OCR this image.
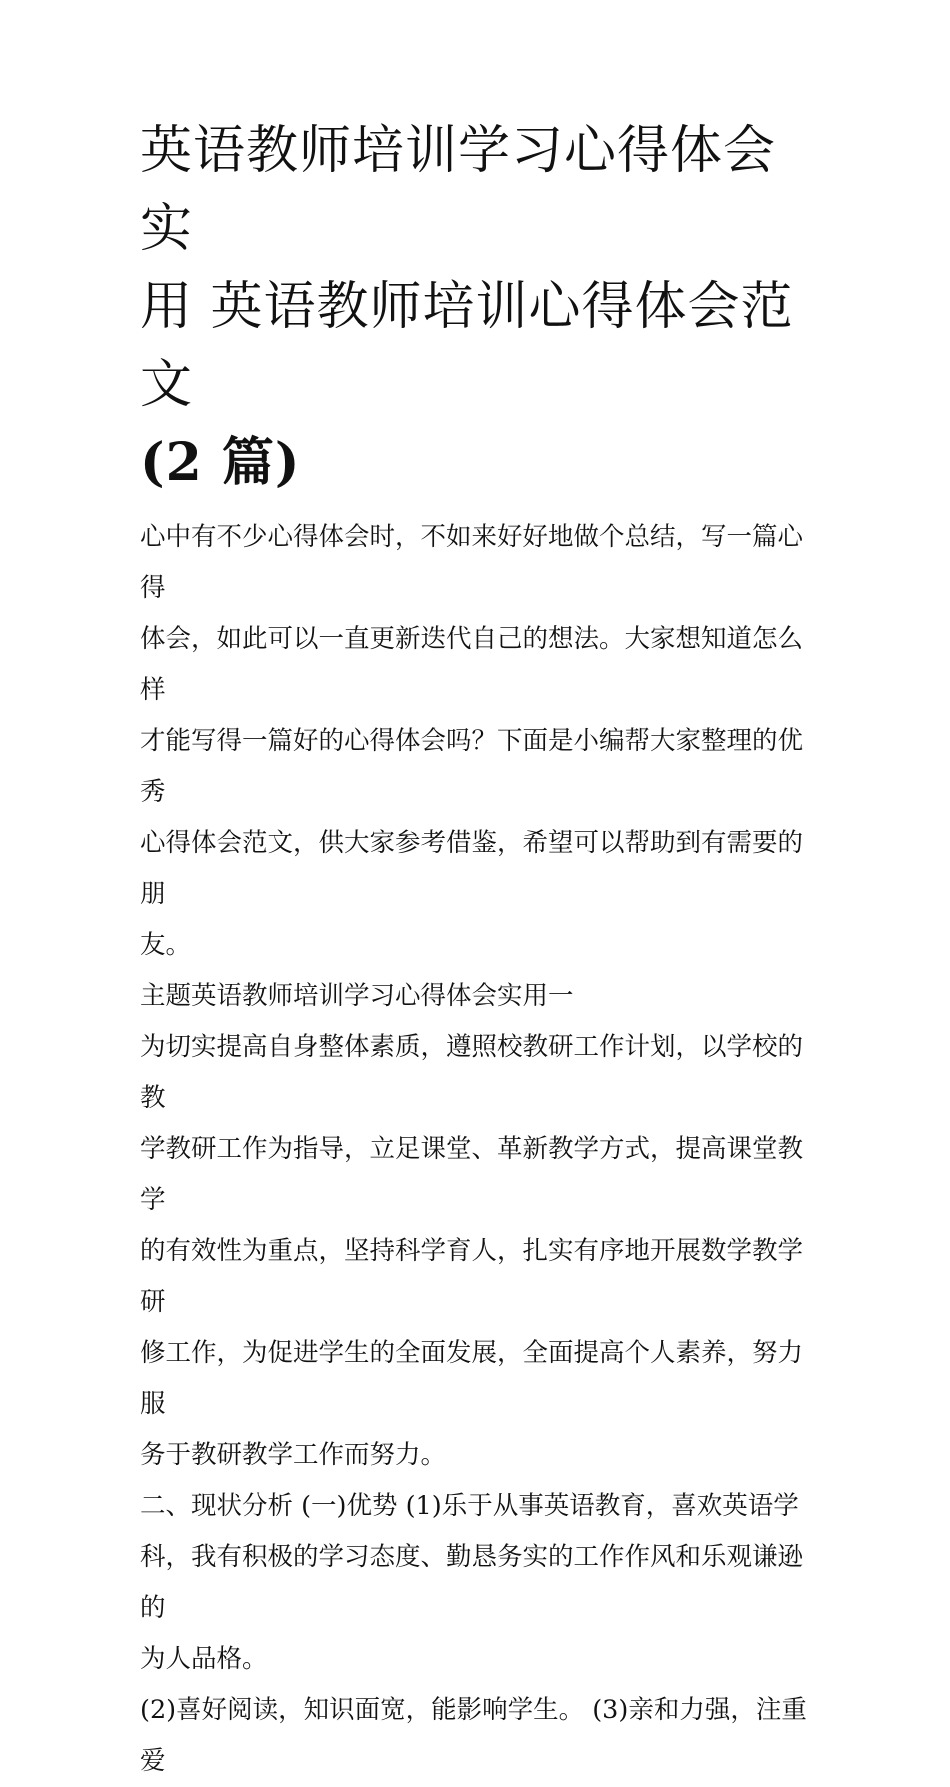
英语教师培训学习心得体会实
用 英语教师培训心得体会范文
(2 篇)

心中有不少心得体会时，不如来好好地做个总结，写一篇心得

体会，如此可以一直更新迭代自己的想法。大家想知道怎么样

才能写得一篇好的心得体会吗？下面是小编帮大家整理的优秀

心得体会范文，供大家参考借鉴，希望可以帮助到有需要的朋

友。

主题英语教师培训学习心得体会实用一

为切实提高自身整体素质，遵照校教研工作计划，以学校的教

学教研工作为指导，立足课堂、革新教学方式，提高课堂教学

的有效性为重点，坚持科学育人，扎实有序地开展数学教学研

修工作，为促进学生的全面发展，全面提高个人素养，努力服

务于教研教学工作而努力。

二、现状分析 (一)优势 (1)乐于从事英语教育，喜欢英语学

科，我有积极的学习态度、勤恳务实的工作作风和乐观谦逊的

为人品格。

(2)喜好阅读，知识面宽，能影响学生。 (3)亲和力强，注重爱
